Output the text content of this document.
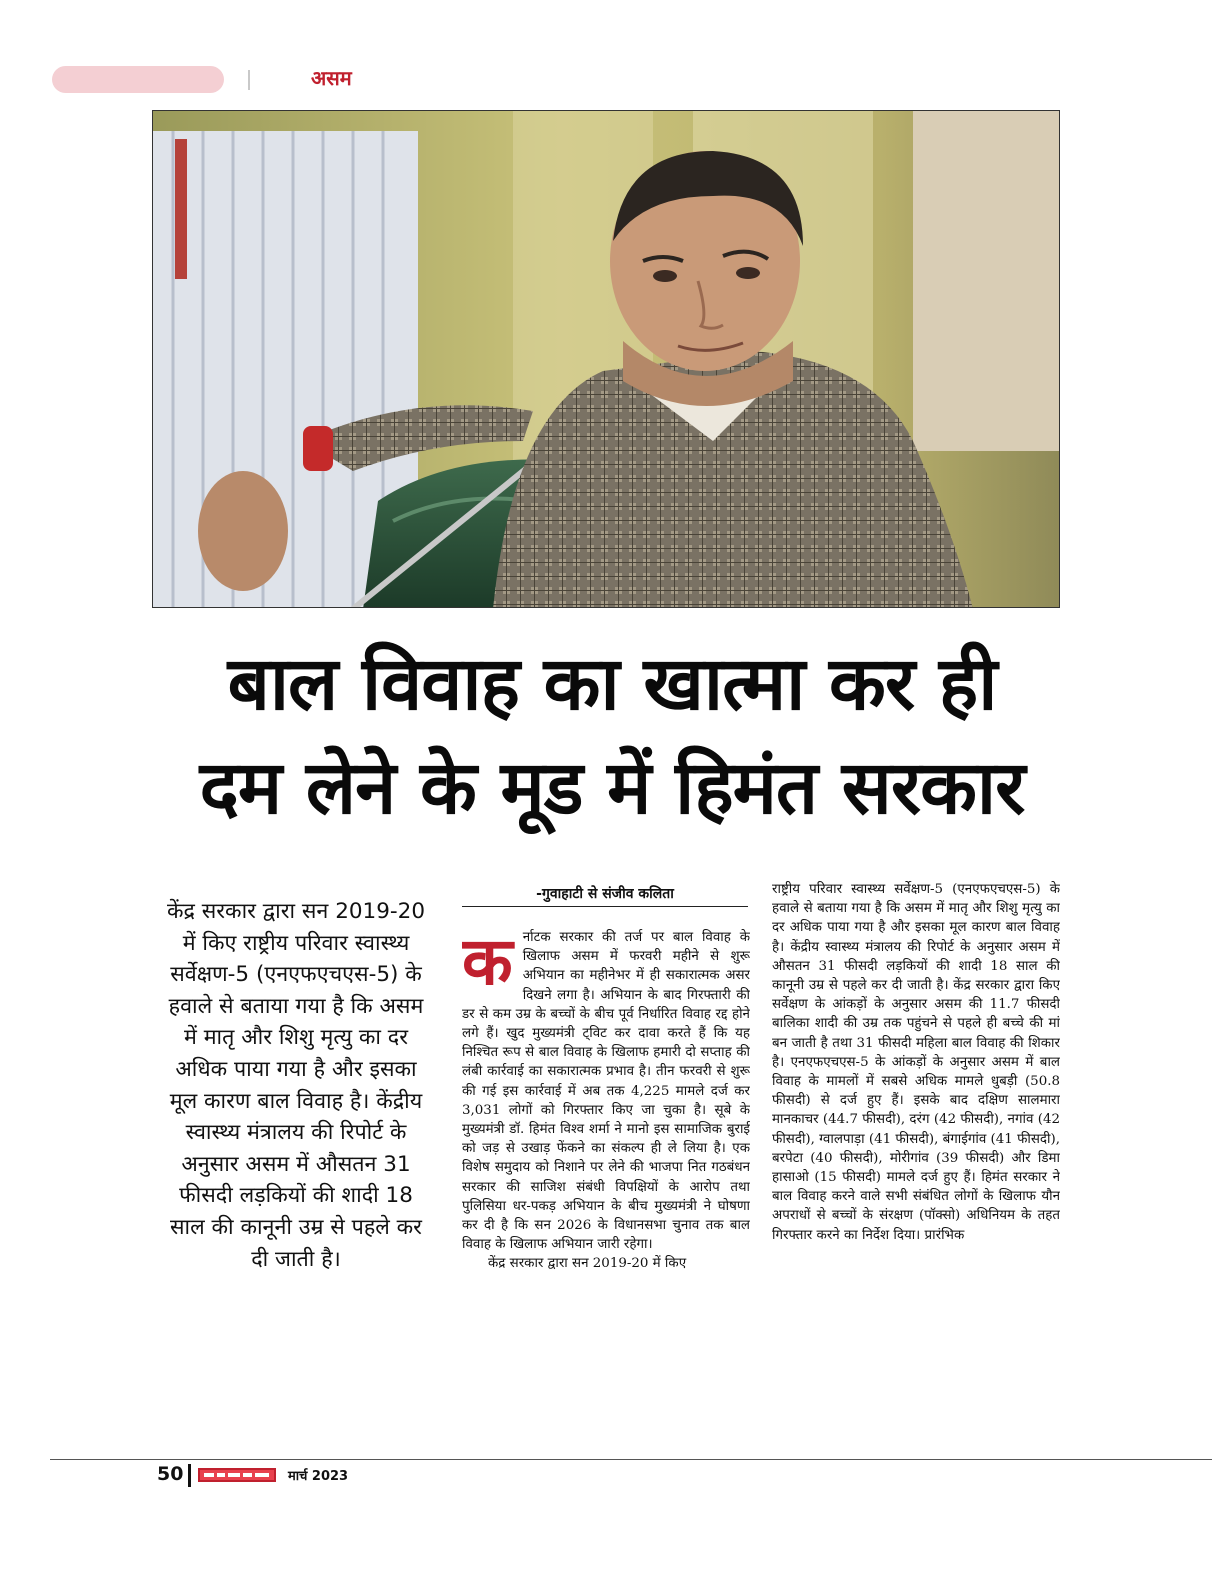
असम
बाल विवाह का खात्मा कर ही
दम लेने के मूड में हिमंत सरकार
केंद्र सरकार द्वारा सन 2019-20 में किए राष्ट्रीय परिवार स्वास्थ्य सर्वेक्षण-5 (एनएफएचएस-5) के हवाले से बताया गया है कि असम में मातृ और शिशु मृत्यु का दर अधिक पाया गया है और इसका मूल कारण बाल विवाह है। केंद्रीय स्वास्थ्य मंत्रालय की रिपोर्ट के अनुसार असम में औसतन 31 फीसदी लड़कियों की शादी 18 साल की कानूनी उम्र से पहले कर दी जाती है।
-गुवाहाटी से संजीव कलिता

कर्नाटक सरकार की तर्ज पर बाल विवाह के खिलाफ असम में फरवरी महीने से शुरू अभियान का महीनेभर में ही सकारात्मक असर दिखने लगा है। अभियान के बाद गिरफ्तारी की डर से कम उम्र के बच्चों के बीच पूर्व निर्धारित विवाह रद्द होने लगे हैं। खुद मुख्यमंत्री ट्विट कर दावा करते हैं कि यह निश्चित रूप से बाल विवाह के खिलाफ हमारी दो सप्ताह की लंबी कार्रवाई का सकारात्मक प्रभाव है। तीन फरवरी से शुरू की गई इस कार्रवाई में अब तक 4,225 मामले दर्ज कर 3,031 लोगों को गिरफ्तार किए जा चुका है। सूबे के मुख्यमंत्री डॉ. हिमंत विश्व शर्मा ने मानो इस सामाजिक बुराई को जड़ से उखाड़ फेंकने का संकल्प ही ले लिया है। एक विशेष समुदाय को निशाने पर लेने की भाजपा नित गठबंधन सरकार की साजिश संबंधी विपक्षियों के आरोप तथा पुलिसिया धर-पकड़ अभियान के बीच मुख्यमंत्री ने घोषणा कर दी है कि सन 2026 के विधानसभा चुनाव तक बाल विवाह के खिलाफ अभियान जारी रहेगा।

केंद्र सरकार द्वारा सन 2019-20 में किए

राष्ट्रीय परिवार स्वास्थ्य सर्वेक्षण-5 (एनएफएचएस-5) के हवाले से बताया गया है कि असम में मातृ और शिशु मृत्यु का दर अधिक पाया गया है और इसका मूल कारण बाल विवाह है। केंद्रीय स्वास्थ्य मंत्रालय की रिपोर्ट के अनुसार असम में औसतन 31 फीसदी लड़कियों की शादी 18 साल की कानूनी उम्र से पहले कर दी जाती है। केंद्र सरकार द्वारा किए सर्वेक्षण के आंकड़ों के अनुसार असम की 11.7 फीसदी बालिका शादी की उम्र तक पहुंचने से पहले ही बच्चे की मां बन जाती है तथा 31 फीसदी महिला बाल विवाह की शिकार है। एनएफएचएस-5 के आंकड़ों के अनुसार असम में बाल विवाह के मामलों में सबसे अधिक मामले धुबड़ी (50.8 फीसदी) से दर्ज हुए हैं। इसके बाद दक्षिण सालमारा मानकाचर (44.7 फीसदी), दरंग (42 फीसदी), नगांव (42 फीसदी), ग्वालपाड़ा (41 फीसदी), बंगाईगांव (41 फीसदी), बरपेटा (40 फीसदी), मोरीगांव (39 फीसदी) और डिमा हासाओ (15 फीसदी) मामले दर्ज हुए हैं। हिमंत सरकार ने बाल विवाह करने वाले सभी संबंधित लोगों के खिलाफ यौन अपराधों से बच्चों के संरक्षण (पॉक्सो) अधिनियम के तहत गिरफ्तार करने का निर्देश दिया। प्रारंभिक

50	मार्च 2023
